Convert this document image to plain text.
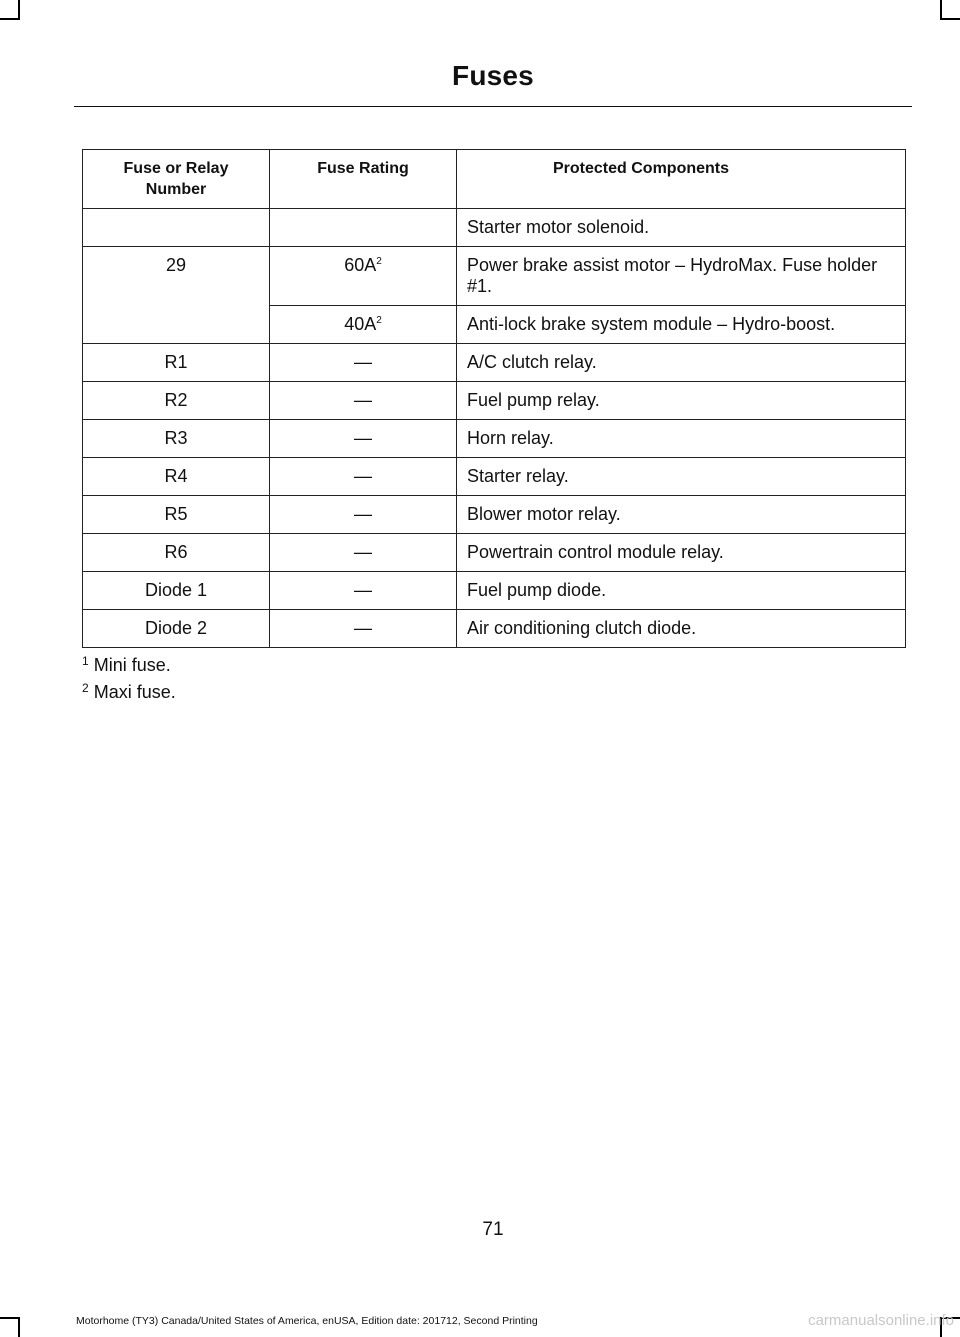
Fuses
Fuse or Relay Number	Fuse Rating	Protected Components
		Starter motor solenoid.
29	$60A^2$	Power brake assist motor – HydroMax. Fuse holder #1.
	$40A^2$	Anti-lock brake system module – Hydro-boost.
R1	—	A/C clutch relay.
R2	—	Fuel pump relay.
R3	—	Horn relay.
R4	—	Starter relay.
R5	—	Blower motor relay.
R6	—	Powertrain control module relay.
Diode 1	—	Fuel pump diode.
Diode 2	—	Air conditioning clutch diode.
$^1$ Mini fuse.
$^2$ Maxi fuse.
71
Motorhome (TY3) Canada/United States of America, enUSA, Edition date: 201712, Second Printing	carmanualsonline.info
